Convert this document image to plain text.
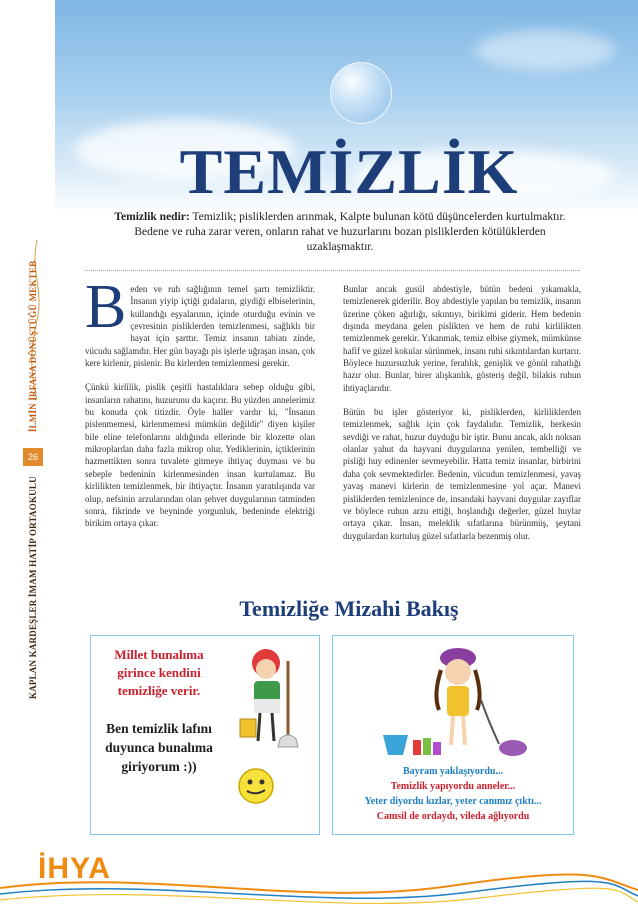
TEMİZLİK
Temizlik nedir: Temizlik; pisliklerden arınmak, Kalpte bulunan kötü düşüncelerden kurtulmaktır. Bedene ve ruha zarar veren, onların rahat ve huzurlarını bozan pisliklerden kötülüklerden uzaklaşmaktır.
KAPLAN KARDEŞLER İMAM HATİP ORTAOKULU                  İLMİN İRFANA DÖNÜŞTÜĞÜ MEKTEB
26

Beden ve ruh sağlığının temel şartı temizliktir. İnsanın yiyip içtiği gıdaların, giydiği elbiselerinin, kullandığı eşyalarının, içinde oturduğu evinin ve çevresinin pisliklerden temizlenmesi, sağlıklı bir hayat için şarttır. Temiz insanın tabiatı zinde, vücudu sağlamdır. Her gün bayağı pis işlerle uğraşan insan, çok kere kirlenir, pislenir. Bu kirlerden temizlenmesi gerekir.

Çünkü kirlilik, pislik çeşitli hastalıklara sebep olduğu gibi, insanların rahatını, huzurunu da kaçırır. Bu yüzden annelerimiz bu konuda çok titizdir. Öyle haller vardır ki, "İnsanın pislenmemesi, kirlenmemesi mümkün değildir" diyen kişiler bile eline telefonlarını aldığında ellerinde bir klozette olan mikroplardan daha fazla mikrop olur. Yediklerinin, içtiklerinin hazmettikten sonra tuvalete gitmeye ihtiyaç duyması ve bu sebeple bedeninin kirlenmesinden insan kurtulamaz. Bu kirlilikten temizlenmek, bir ihtiyaçtır. İnsanın yaratılışında var olup, nefsinin arzularından olan şehvet duygularının tatminden sonra, fikrinde ve beyninde yorgunluk, bedeninde elektriği birikim ortaya çıkar.

Bunlar ancak gusül abdestiyle, bütün bedeni yıkamakla, temizlenerek giderilir. Boy abdestiyle yapılan bu temizlik, insanın üzerine çöken ağırlığı, sıkıntıyı, birikimi giderir. Hem bedenin dışında meydana gelen pislikten ve hem de ruhi kirlilikten temizlenmek gerekir. Yıkanmak, temiz elbise giymek, mümkünse hafif ve güzel kokular sürünmek, insanı ruhi sıkıntılardan kurtarır. Böylece huzursuzluk yerine, ferahlık, genişlik ve gönül rahatlığı hazır olur. Bunlar, birer alışkanlık, gösteriş değil, bilakis ruhun ihtiyaçlarıdır.

Bütün bu işler gösteriyor ki, pisliklerden, kirliliklerden temizlenmek, sağlık için çok faydalıdır. Temizlik, herkesin sevdiği ve rahat, huzur duyduğu bir iştir. Bunu ancak, aklı noksan olanlar yahut da hayvani duygularına yenilen, tembelliği ve pisliği huy edinenler sevmeyebilir. Hatta temiz insanlar, birbirini daha çok sevmektedirler. Bedenin, vücudun temizlenmesi, yavaş yavaş manevi kirlerin de temizlenmesine yol açar. Manevi pisliklerden temizlenince de, insandaki hayvani duygular zayıflar ve böylece ruhun arzu ettiği, hoşlandığı değerler, güzel huylar ortaya çıkar. İnsan, meleklik sıfatlarına bürünmüş, şeytani duygulardan kurtuluş güzel sıfatlarla bezenmiş olur.

Temizliğe Mizahi Bakış
Millet bunalıma girince kendini temizliğe verir.
Ben temizlik lafını duyunca bunalıma giriyorum :))	Bayram yaklaşıyordu...
Temizlik yapıyordu anneler...
Yeter diyordu kızlar, yeter canımız çıktı...
Camsil de ordaydı, vileda ağlıyordu
İHYA
